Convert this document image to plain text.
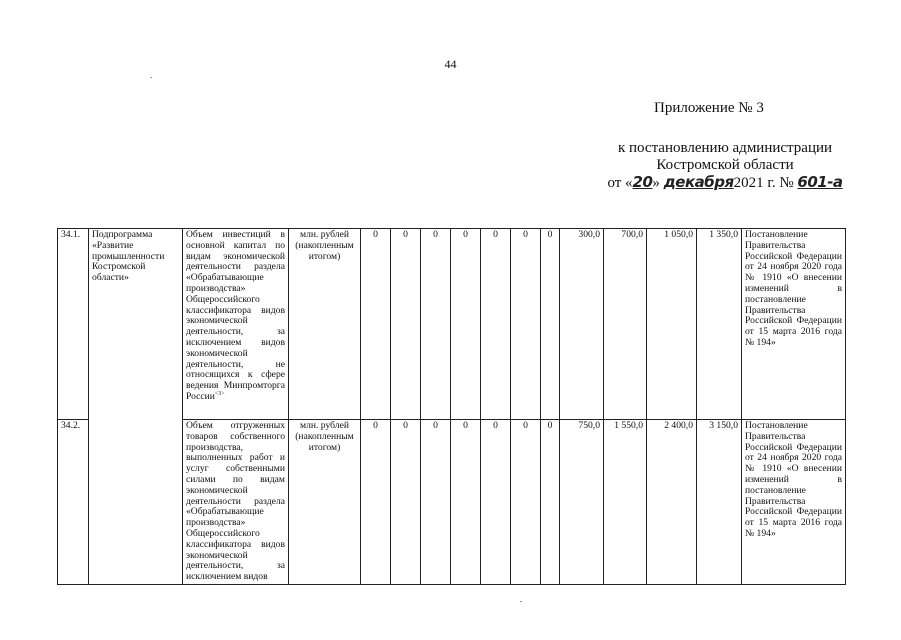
44
Приложение № 3
к постановлению администрации
Костромской области
от «20» декабря2021 г. № 601-а
34.1.	Подпрограмма «Развитие промышленности Костромской области»	Объем инвестиций в основной капитал по видам экономической деятельности раздела «Обрабатывающие производства» Общероссийского классификатора видов экономической деятельности, за исключением видов экономической деятельности, не относящихся к сфере ведения Минпромторга России$^{<3>}$	млн. рублей (накопленным итогом)	0	0	0	0	0	0	0	300,0	700,0	1 050,0	1 350,0	Постановление Правительства Российской Федерации от 24 ноября 2020 года № 1910 «О внесении изменений в постановление Правительства Российской Федерации от 15 марта 2016 года № 194»
34.2.		Объем отгруженных товаров собственного производства, выполненных работ и услуг собственными силами по видам экономической деятельности раздела «Обрабатывающие производства» Общероссийского классификатора видов экономической деятельности, за исключением видов	млн. рублей (накопленным итогом)	0	0	0	0	0	0	0	750,0	1 550,0	2 400,0	3 150,0	Постановление Правительства Российской Федерации от 24 ноября 2020 года № 1910 «О внесении изменений в постановление Правительства Российской Федерации от 15 марта 2016 года № 194»
